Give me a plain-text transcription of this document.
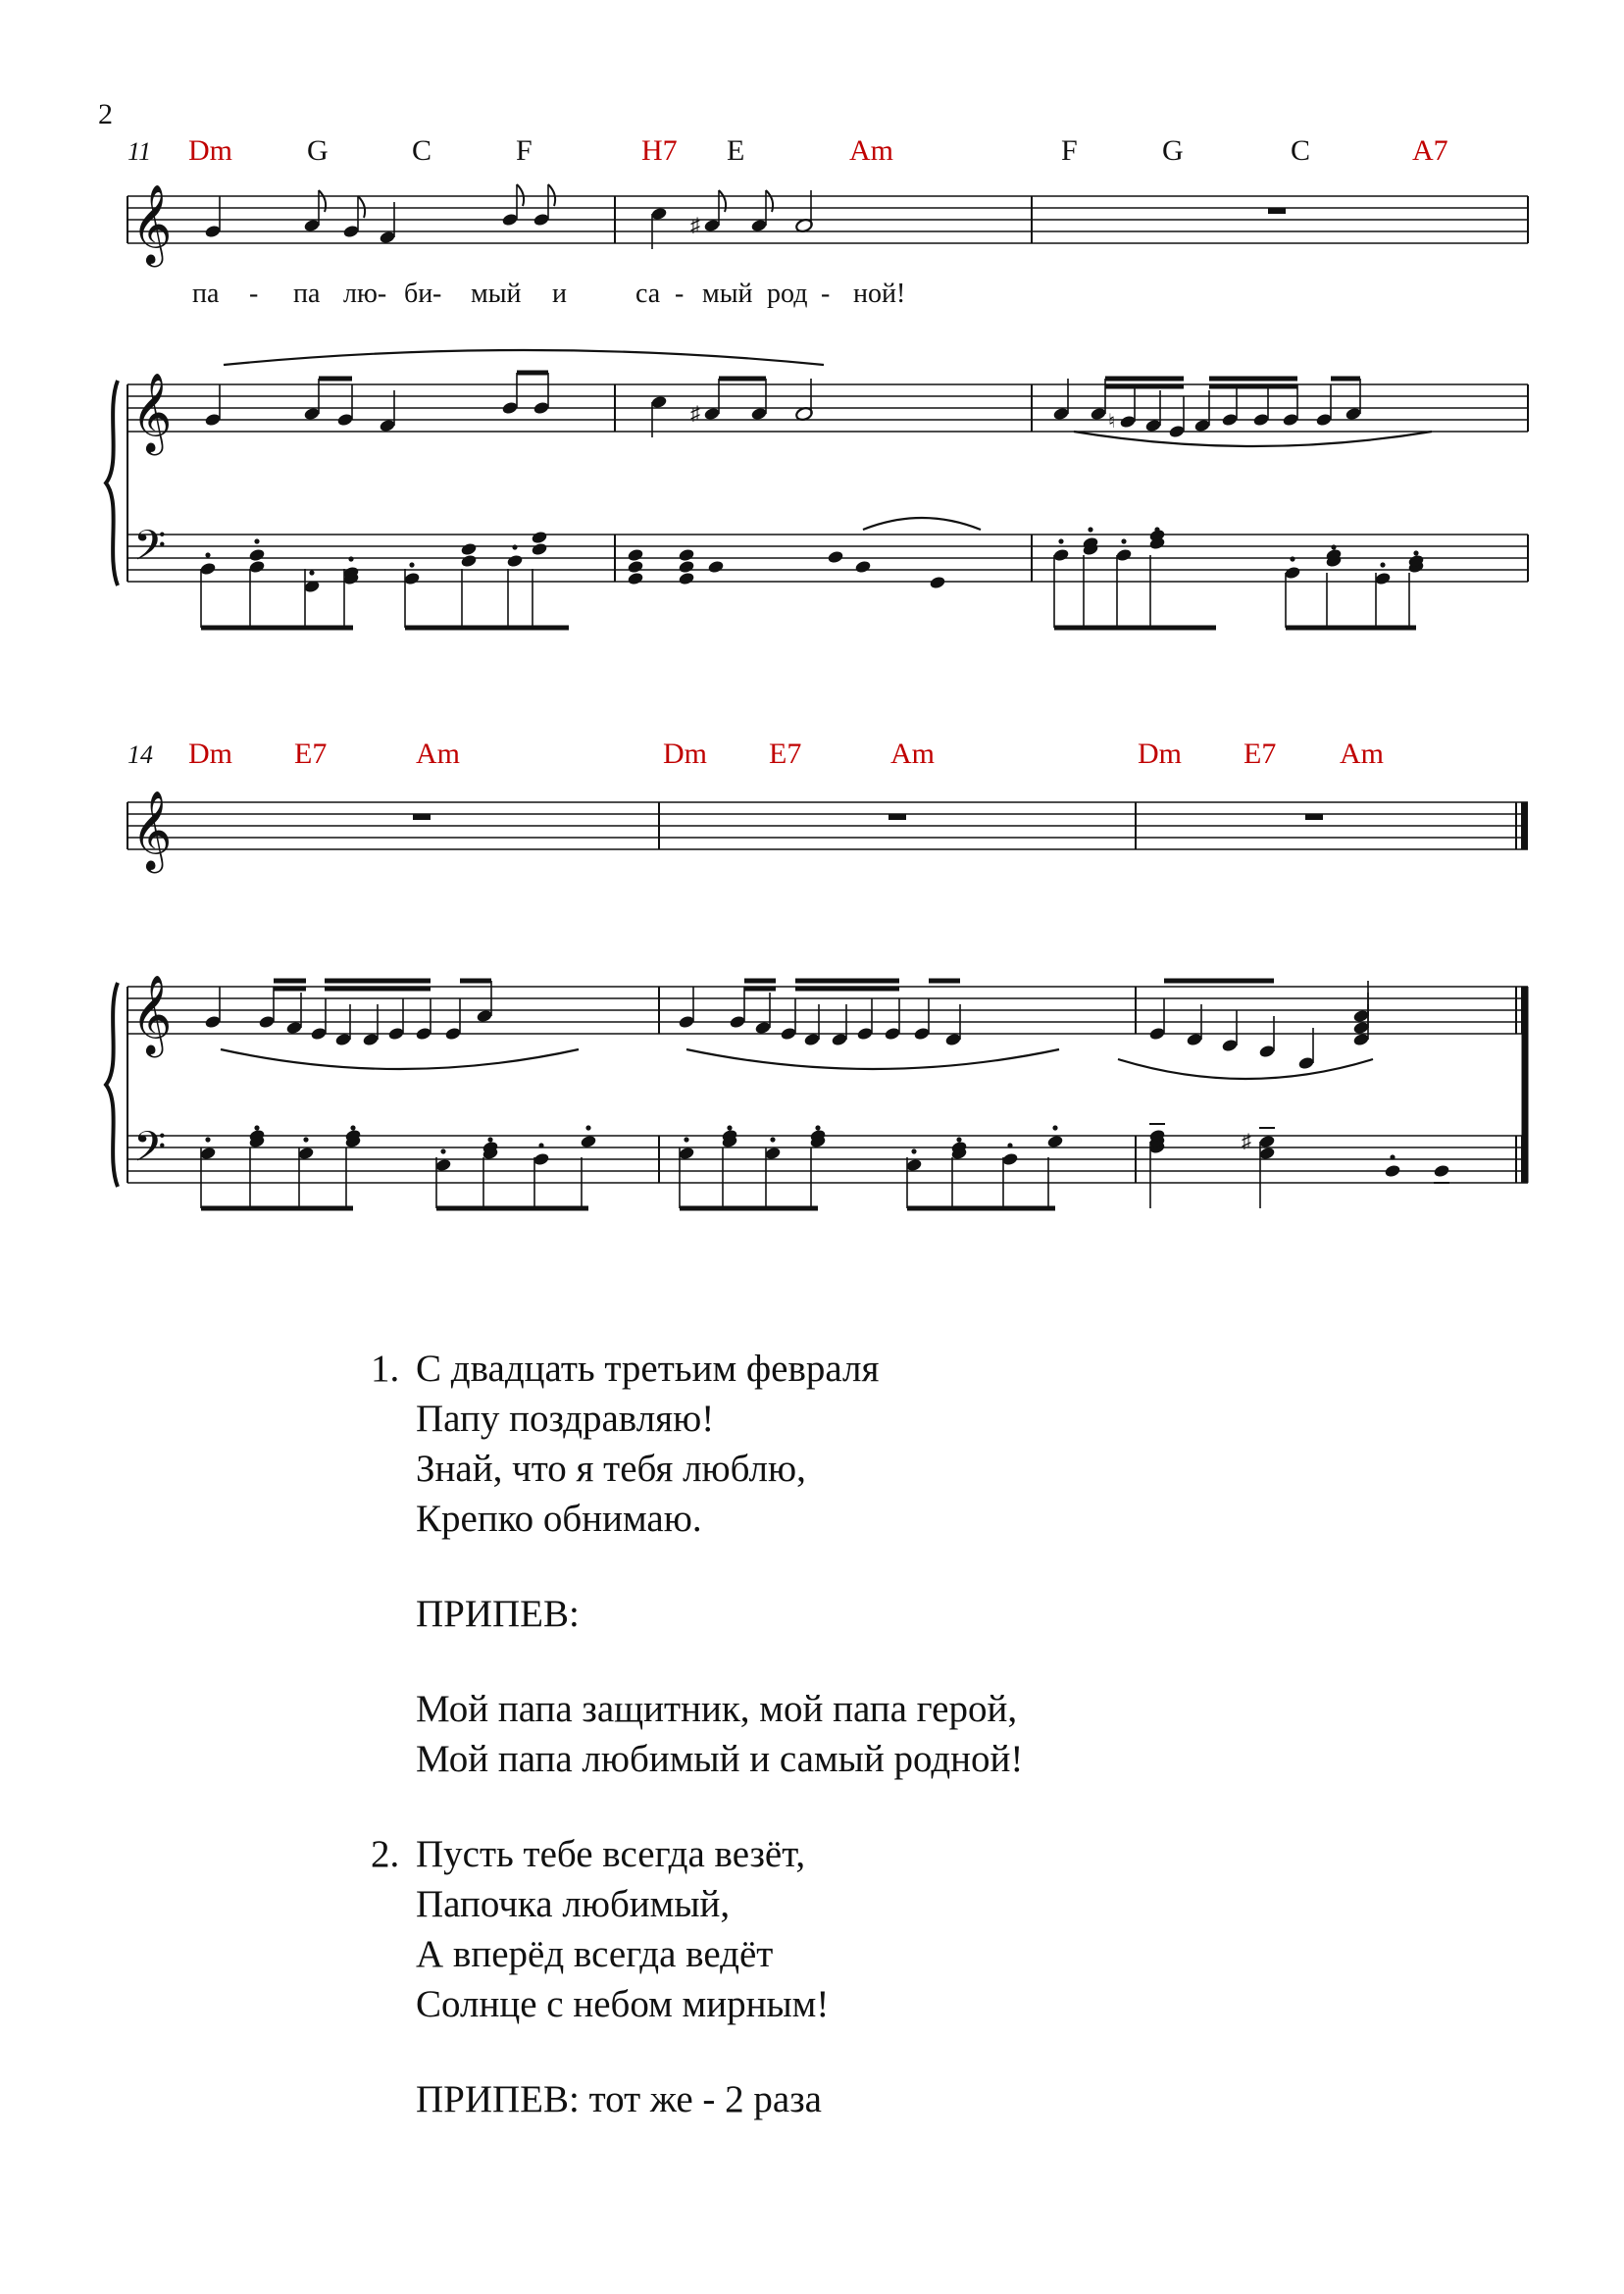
2
11 Dm	G	C	F	H7 E	Am	F	G	C	A7
𝄞
𝄞
𝄢
♯
па - па лю- би - мый и	са - мый род - ной!
♯	♮
14 Dm E7	Am	Dm E7	Am	Dm E7 Am
𝄞
𝄞
𝄢	♯
1. С двадцать третьим февраля
Папу поздравляю!
Знай, что я тебя люблю,
Крепко обнимаю.
ПРИПЕВ:
Мой папа защитник, мой папа герой,
Мой папа любимый и самый родной!
2. Пусть тебе всегда везёт,
Папочка любимый,
А вперёд всегда ведёт
Солнце с небом мирным!
ПРИПЕВ: тот же - 2 раза
